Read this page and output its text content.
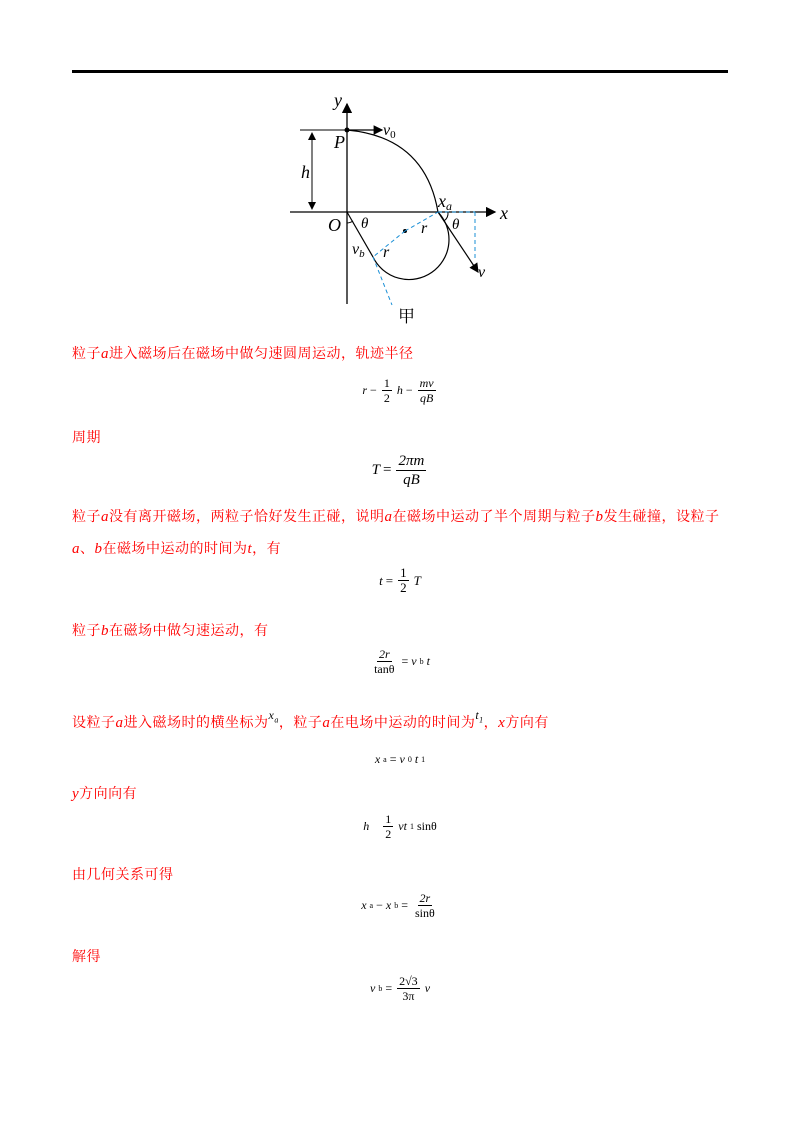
y
P
v0
h
O
xa	x
θ	θ
r
r
vb
v
甲
粒子a进入磁场后在磁场中做匀速圆周运动，轨迹半径
$r - \frac{1}{2}$ $h - \frac{mv}{qB}$
周期
$T = \frac{2\pi m}{qB}$
粒子a没有离开磁场，两粒子恰好发生正碰，说明a在磁场中运动了半个周期与粒子b发生碰撞，设粒子
a、b在磁场中运动的时间为t，有
$t = \frac{1}{2}$ T
粒子b在磁场中做匀速运动，有
$\frac{2r}{\tan\theta} = v$ b t
设粒子a进入磁场时的横坐标为$x_a$，粒子a在电场中运动的时间为$t_1$，x方向有
x a = v 0 t 1
y方向向有
h $\frac{1}{2}$ vt 1 sinθ
由几何关系可得
x a − x $b = \frac{2r}{\sin\theta}$
解得
v $b = \frac{2√3}{3\pi}$ v
